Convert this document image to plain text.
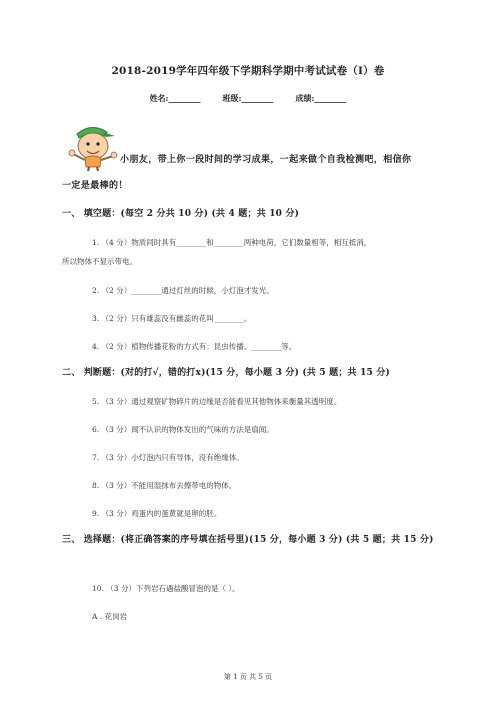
2018-2019学年四年级下学期科学期中考试试卷（I）卷
姓名:________	班级:________	成绩:________
小朋友，带上你一段时间的学习成果，一起来做个自我检测吧，相信你
一定是最棒的！
一、 填空题：(每空 2 分共 10 分) (共 4 题；共 10 分)
1. （4 分）物质同时具有________和________两种电荷，它们数量相等，相互抵消，
所以物体不显示带电。
2. （2 分）________通过灯丝的时候，小灯泡才发光。
3. （2 分）只有雄蕊没有雌蕊的花叫________。
4. （2 分）植物传播花粉的方式有：昆虫传播、________等。
二、 判断题：(对的打√，错的打x)(15 分，每小题 3 分) (共 5 题；共 15 分)
5. （3 分）通过观察矿物碎片的边缘是否能看见其他物体来衡量其透明度。
6. （3 分）闻不认识的物体发出的气味的方法是扇闻。
7. （3 分）小灯泡内只有导体，没有绝缘体。
8. （3 分）不能用湿抹布去擦带电的物体。
9. （3 分）鸡蛋内的蛋黄就是卵的胚。
三、 选择题：(将正确答案的序号填在括号里)(15 分，每小题 3 分) (共 5 题；共 15 分)
10. （3 分）下列岩石遇盐酸冒泡的是（ ）。
A . 花岗岩
第 1 页 共 5 页
